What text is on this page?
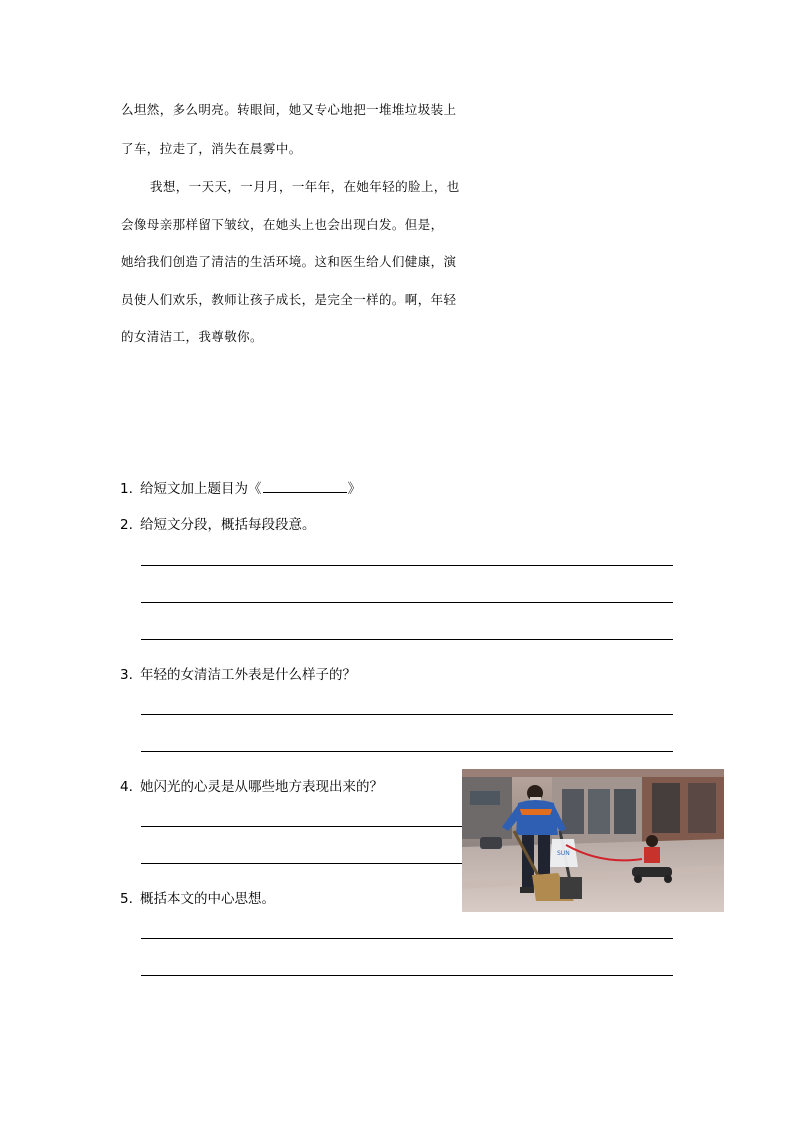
么坦然，多么明亮。转眼间，她又专心地把一堆堆垃圾装上

了车，拉走了，消失在晨雾中。

我想，一天天，一月月，一年年，在她年轻的脸上，也

会像母亲那样留下皱纹，在她头上也会出现白发。但是，

她给我们创造了清洁的生活环境。这和医生给人们健康，演

员使人们欢乐，教师让孩子成长，是完全一样的。啊，年轻

的女清洁工，我尊敬你。

1. 给短文加上题目为《	》

2. 给短文分段，概括每段段意。

3. 年轻的女清洁工外表是什么样子的？

4. 她闪光的心灵是从哪些地方表现出来的？

5. 概括本文的中心思想。

SUN
